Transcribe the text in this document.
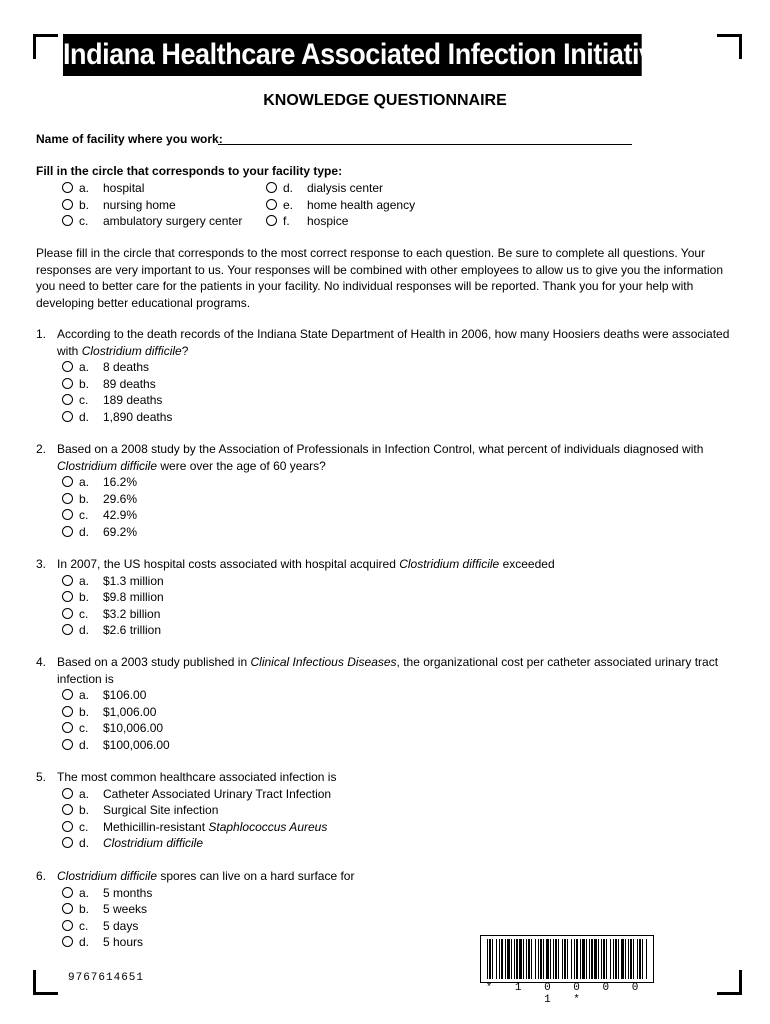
Indiana Healthcare Associated Infection Initiative
KNOWLEDGE QUESTIONNAIRE
Name of facility where you work:
Fill in the circle that corresponds to your facility type:
a. hospital
b. nursing home
c. ambulatory surgery center
d. dialysis center
e. home health agency
f. hospice
Please fill in the circle that corresponds to the most correct response to each question. Be sure to complete all questions. Your responses are very important to us. Your responses will be combined with other employees to allow us to give you the information you need to better care for the patients in your facility. No individual responses will be reported. Thank you for your help with developing better educational programs.
1. According to the death records of the Indiana State Department of Health in 2006, how many Hoosiers deaths were associated with Clostridium difficile?
a. 8 deaths
b. 89 deaths
c. 189 deaths
d. 1,890 deaths
2. Based on a 2008 study by the Association of Professionals in Infection Control, what percent of individuals diagnosed with Clostridium difficile were over the age of 60 years?
a. 16.2%
b. 29.6%
c. 42.9%
d. 69.2%
3. In 2007, the US hospital costs associated with hospital acquired Clostridium difficile exceeded
a. $1.3 million
b. $9.8 million
c. $3.2 billion
d. $2.6 trillion
4. Based on a 2003 study published in Clinical Infectious Diseases, the organizational cost per catheter associated urinary tract infection is
a. $106.00
b. $1,006.00
c. $10,006.00
d. $100,006.00
5. The most common healthcare associated infection is
a. Catheter Associated Urinary Tract Infection
b. Surgical Site infection
c. Methicillin-resistant Staphlococcus Aureus
d. Clostridium difficile
6. Clostridium difficile spores can live on a hard surface for
a. 5 months
b. 5 weeks
c. 5 days
d. 5 hours
9767614651
* 1 0 0 0 0 1 *
